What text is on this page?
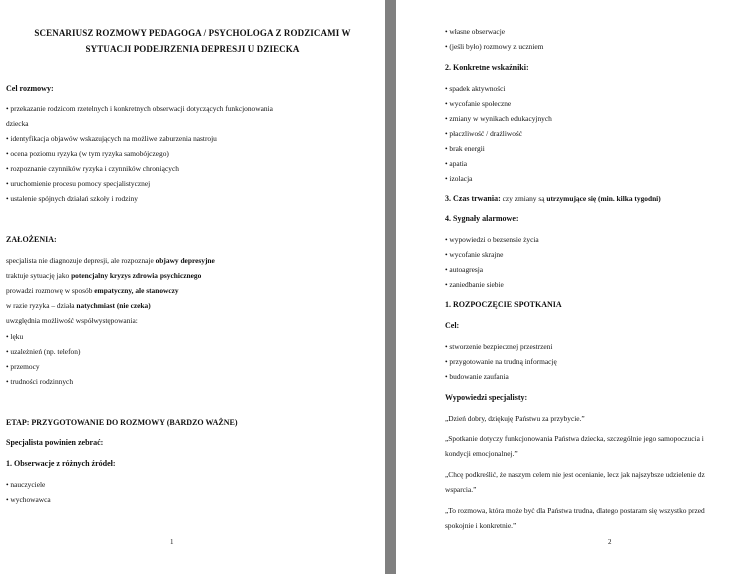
SCENARIUSZ ROZMOWY PEDAGOGA / PSYCHOLOGA Z RODZICAMI W
SYTUACJI PODEJRZENIA DEPRESJI U DZIECKA
Cel rozmowy:
• przekazanie rodzicom rzetelnych i konkretnych obserwacji dotyczących funkcjonowania
dziecka
• identyfikacja objawów wskazujących na możliwe zaburzenia nastroju
• ocena poziomu ryzyka (w tym ryzyka samobójczego)
• rozpoznanie czynników ryzyka i czynników chroniących
• uruchomienie procesu pomocy specjalistycznej
• ustalenie spójnych działań szkoły i rodziny
ZAŁOŻENIA:
specjalista nie diagnozuje depresji, ale rozpoznaje objawy depresyjne
traktuje sytuację jako potencjalny kryzys zdrowia psychicznego
prowadzi rozmowę w sposób empatyczny, ale stanowczy
w razie ryzyka – działa natychmiast (nie czeka)
uwzględnia możliwość współwystępowania:
• lęku
• uzależnień (np. telefon)
• przemocy
• trudności rodzinnych
ETAP: PRZYGOTOWANIE DO ROZMOWY (BARDZO WAŻNE)
Specjalista powinien zebrać:
1. Obserwacje z różnych źródeł:
• nauczyciele
• wychowawca
1
• własne obserwacje
• (jeśli było) rozmowy z uczniem
2. Konkretne wskaźniki:
• spadek aktywności
• wycofanie społeczne
• zmiany w wynikach edukacyjnych
• płaczliwość / drażliwość
• brak energii
• apatia
• izolacja
3. Czas trwania: czy zmiany są utrzymujące się (min. kilka tygodni)
4. Sygnały alarmowe:
• wypowiedzi o bezsensie życia
• wycofanie skrajne
• autoagresja
• zaniedbanie siebie
1. ROZPOCZĘCIE SPOTKANIA
Cel:
• stworzenie bezpiecznej przestrzeni
• przygotowanie na trudną informację
• budowanie zaufania
Wypowiedzi specjalisty:
„Dzień dobry, dziękuję Państwu za przybycie.”
„Spotkanie dotyczy funkcjonowania Państwa dziecka, szczególnie jego samopoczucia i
kondycji emocjonalnej.”
„Chcę podkreślić, że naszym celem nie jest ocenianie, lecz jak najszybsze udzielenie dz
wsparcia.”
„To rozmowa, która może być dla Państwa trudna, dlatego postaram się wszystko przed
spokojnie i konkretnie.”
2
